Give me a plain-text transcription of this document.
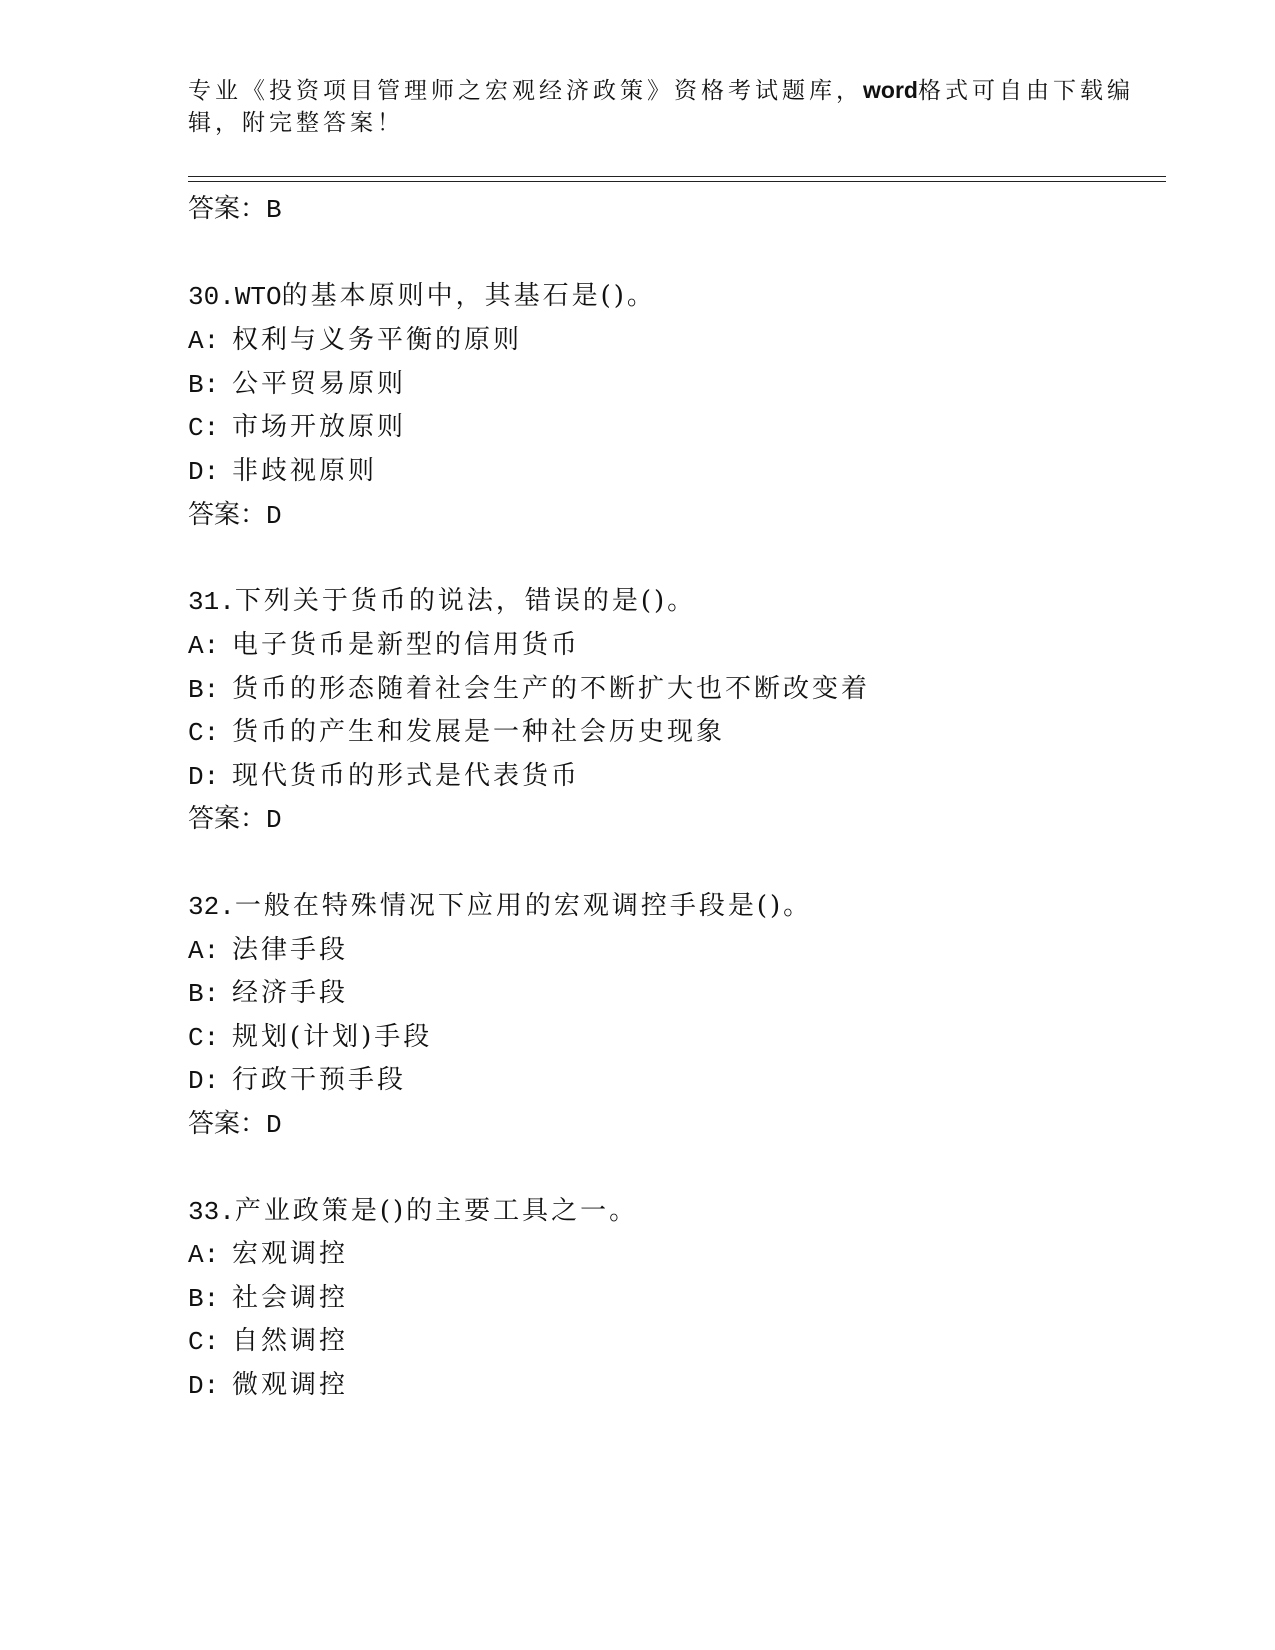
专业《投资项目管理师之宏观经济政策》资格考试题库，word格式可自由下载编
辑，附完整答案！
答案：B
30.WTO的基本原则中，其基石是()。
A: 权利与义务平衡的原则
B: 公平贸易原则
C: 市场开放原则
D: 非歧视原则
答案：D
31.下列关于货币的说法，错误的是()。
A: 电子货币是新型的信用货币
B: 货币的形态随着社会生产的不断扩大也不断改变着
C: 货币的产生和发展是一种社会历史现象
D: 现代货币的形式是代表货币
答案：D
32.一般在特殊情况下应用的宏观调控手段是()。
A: 法律手段
B: 经济手段
C: 规划(计划)手段
D: 行政干预手段
答案：D
33.产业政策是()的主要工具之一。
A: 宏观调控
B: 社会调控
C: 自然调控
D: 微观调控
